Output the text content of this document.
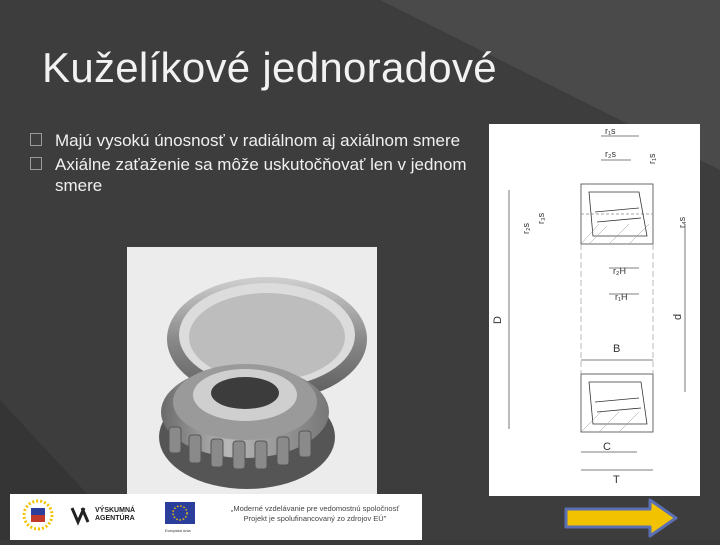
Kuželíkové jednoradové
Majú vysokú únosnosť v radiálnom aj axiálnom smere
Axiálne zaťaženie sa môže uskutočňovať len v jednom smere
r₁s
r₂s	r₁s
r₃s	r₄s
r₂s
r₂H
r₁H
D	d
B
C
T
VÝSKUMNÁ
AGENTÚRA
Európska únia
„Moderné vzdelávanie pre vedomostnú spoločnosť
Projekt je spolufinancovaný zo zdrojov EÚ"
